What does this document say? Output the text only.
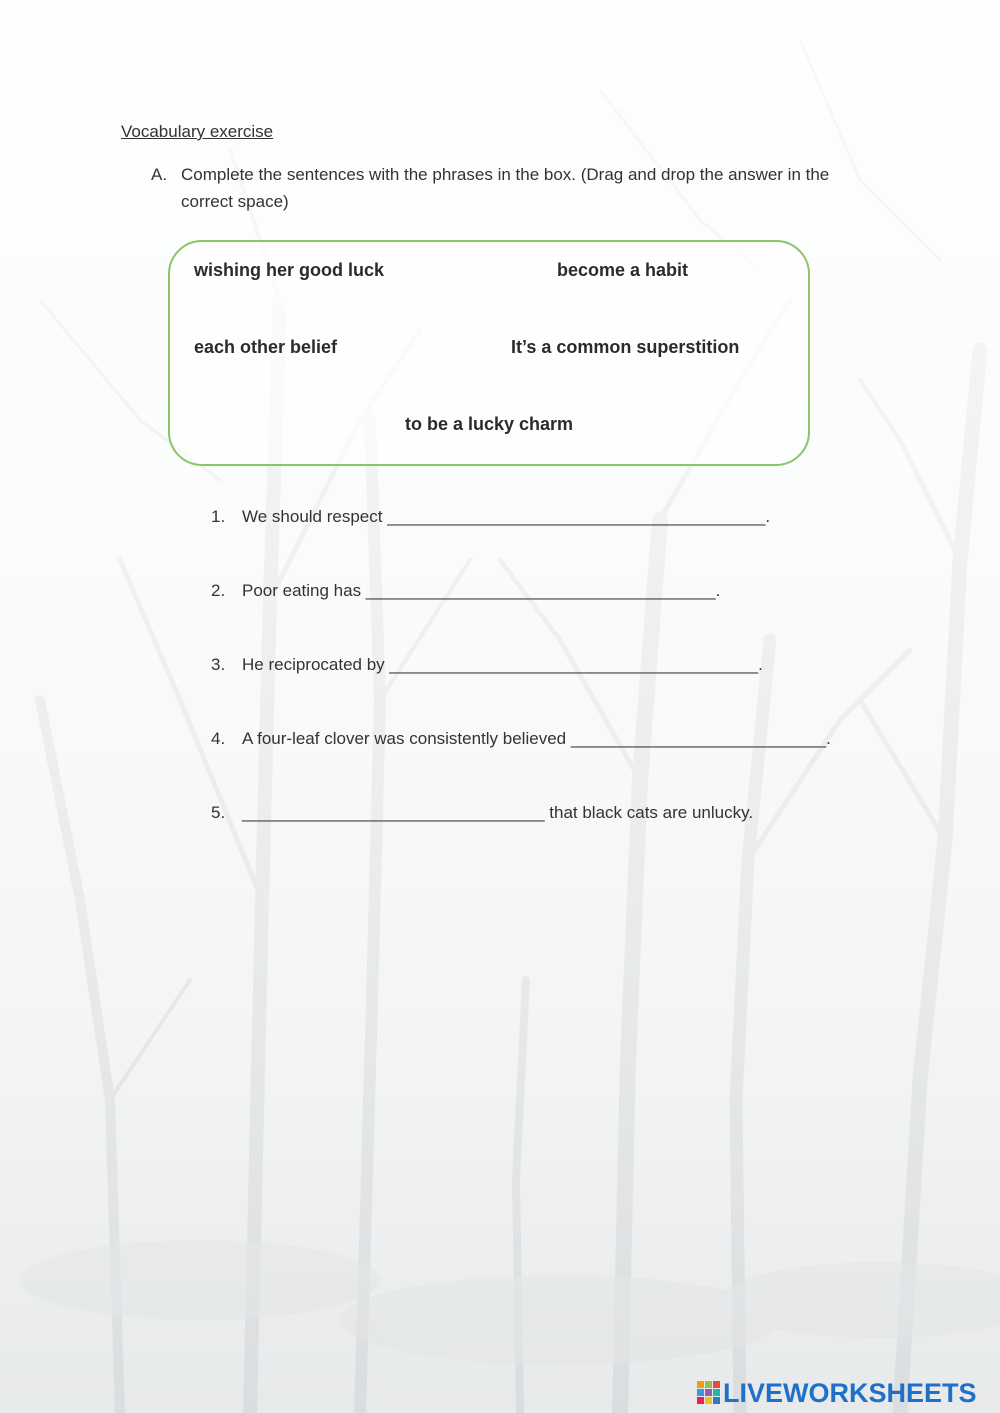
Vocabulary exercise
A. Complete the sentences with the phrases in the box. (Drag and drop the answer in the correct space)
wishing her good luck	become a habit
each other belief	It’s a common superstition
to be a lucky charm
1. We should respect ________________________________________.
2. Poor eating has _____________________________________.
3. He reciprocated by _______________________________________.
4. A four-leaf clover was consistently believed ___________________________.
5. ________________________________ that black cats are unlucky.
LIVEWORKSHEETS
